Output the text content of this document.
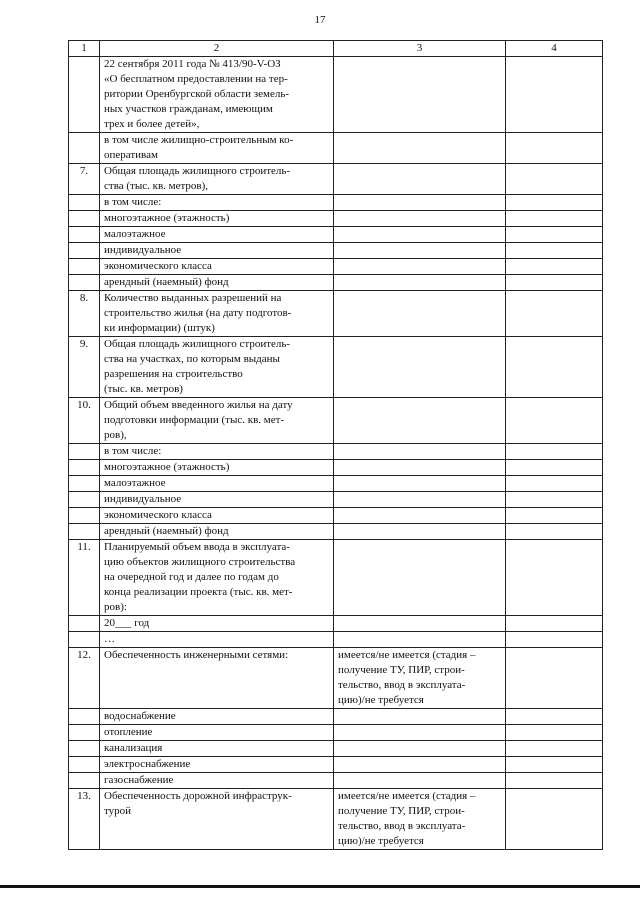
17
1	2	3	4
	22 сентября 2011 года № 413/90-V-ОЗ
«О бесплатном предоставлении на тер-
ритории Оренбургской области земель-
ных участков гражданам, имеющим
трех и более детей»,		
	в том числе жилищно-строительным ко-
оперативам		
7.	Общая площадь жилищного строитель-
ства (тыс. кв. метров),		
	в том числе:		
	многоэтажное (этажность)		
	малоэтажное		
	индивидуальное		
	экономического класса		
	арендный (наемный) фонд		
8.	Количество выданных разрешений на
строительство жилья (на дату подготов-
ки информации) (штук)		
9.	Общая площадь жилищного строитель-
ства на участках, по которым выданы
разрешения на строительство
(тыс. кв. метров)		
10.	Общий объем введенного жилья на дату
подготовки информации (тыс. кв. мет-
ров),		
	в том числе:		
	многоэтажное (этажность)		
	малоэтажное		
	индивидуальное		
	экономического класса		
	арендный (наемный) фонд		
11.	Планируемый объем ввода в эксплуата-
цию объектов жилищного строительства
на очередной год и далее по годам до
конца реализации проекта (тыс. кв. мет-
ров):		
	20___ год		
	…		
12.	Обеспеченность инженерными сетями:	имеется/не имеется (стадия –
получение ТУ, ПИР, строи-
тельство, ввод в эксплуата-
цию)/не требуется	
	водоснабжение		
	отопление		
	канализация		
	электроснабжение		
	газоснабжение		
13.	Обеспеченность дорожной инфраструк-
турой	имеется/не имеется (стадия –
получение ТУ, ПИР, строи-
тельство, ввод в эксплуата-
цию)/не требуется	
